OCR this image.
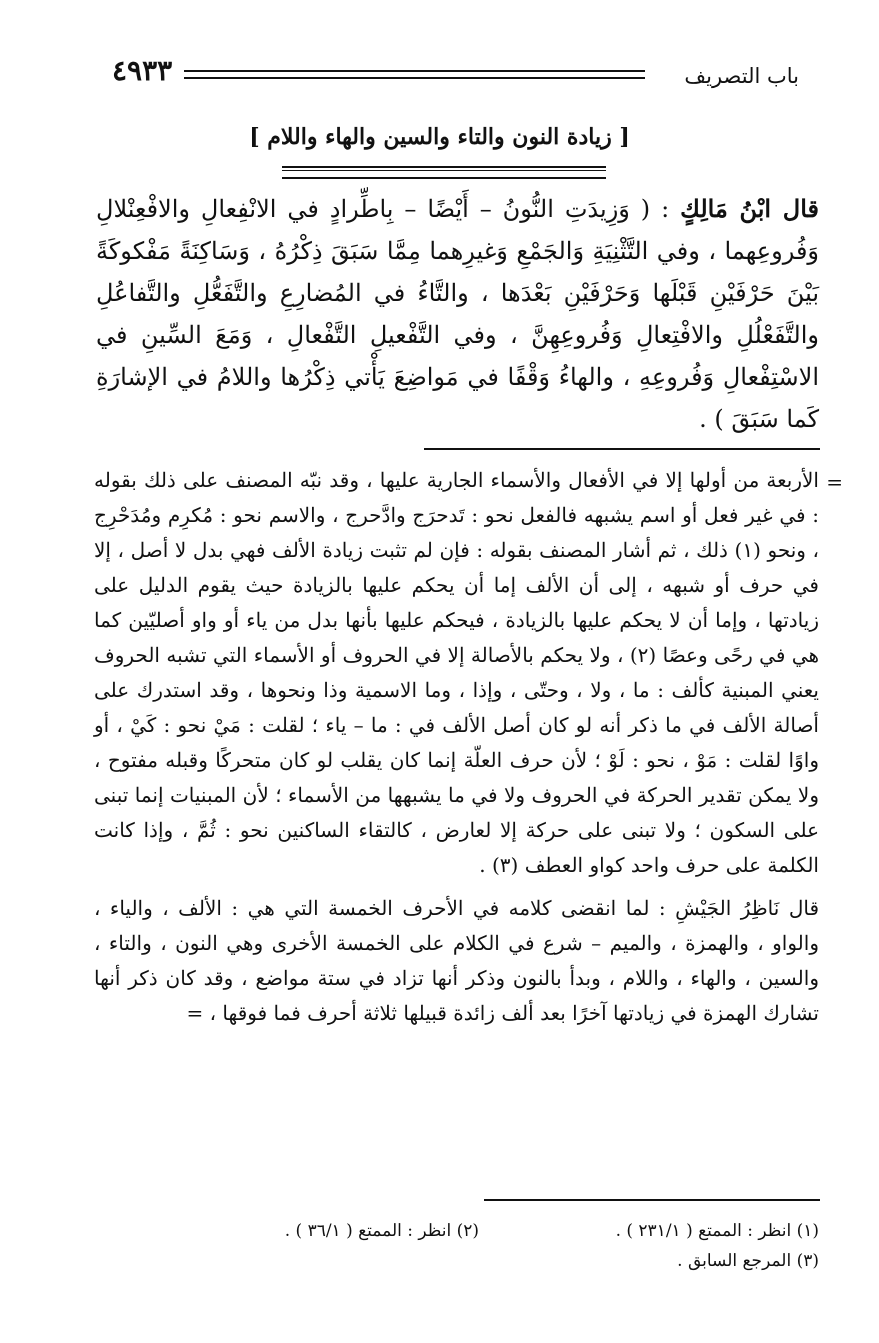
باب التصريف
٤٩٣٣
[ زيادة النون والتاء والسين والهاء واللام ]
قال ابْنُ مَالِكٍ : ( وَزِيدَتِ النُّونُ – أَيْضًا – بِاطِّرادٍ في الانْفِعالِ والافْعِنْلالِ وَفُروعِهما ، وفي التَّثْنِيَةِ وَالجَمْعِ وَغيرِهما مِمَّا سَبَقَ ذِكْرُهُ ، وَسَاكِنَةً مَفْكوكَةً بَيْنَ حَرْفَيْنِ قَبْلَها وَحَرْفَيْنِ بَعْدَها ، والتَّاءُ في المُضارِعِ والتَّفَعُّلِ والتَّفاعُلِ والتَّفَعْلُلِ والافْتِعالِ وَفُروعِهِنَّ ، وفي التَّفْعيلِ التَّفْعالِ ، وَمَعَ السِّينِ في الاسْتِفْعالِ وَفُروعِهِ ، والهاءُ وَقْفًا في مَواضِعَ يَأْتي ذِكْرُها واللامُ في الإشارَةِ كَما سَبَقَ ) .
=

الأربعة من أولها إلا في الأفعال والأسماء الجارية عليها ، وقد نبّه المصنف على ذلك بقوله : في غير فعل أو اسم يشبهه فالفعل نحو : تَدحرَج وادَّحرج ، والاسم نحو : مُكرِم ومُدَحْرِج ، ونحو (١) ذلك ، ثم أشار المصنف بقوله : فإن لم تثبت زيادة الألف فهي بدل لا أصل ، إلا في حرف أو شبهه ، إلى أن الألف إما أن يحكم عليها بالزيادة حيث يقوم الدليل على زيادتها ، وإما أن لا يحكم عليها بالزيادة ، فيحكم عليها بأنها بدل من ياء أو واو أصليّين كما هي في رحًى وعصًا (٢) ، ولا يحكم بالأصالة إلا في الحروف أو الأسماء التي تشبه الحروف يعني المبنية كألف : ما ، ولا ، وحتّى ، وإذا ، وما الاسمية وذا ونحوها ، وقد استدرك على أصالة الألف في ما ذكر أنه لو كان أصل الألف في : ما – ياء ؛ لقلت : مَيْ نحو : كَيْ ، أو واوًا لقلت : مَوْ ، نحو : لَوْ ؛ لأن حرف العلّة إنما كان يقلب لو كان متحركًا وقبله مفتوح ، ولا يمكن تقدير الحركة في الحروف ولا في ما يشبهها من الأسماء ؛ لأن المبنيات إنما تبنى على السكون ؛ ولا تبنى على حركة إلا لعارض ، كالتقاء الساكنين نحو : ثُمَّ ، وإذا كانت الكلمة على حرف واحد كواو العطف (٣) .

قال نَاظِرُ الجَيْشِ : لما انقضى كلامه في الأحرف الخمسة التي هي : الألف ، والياء ، والواو ، والهمزة ، والميم – شرع في الكلام على الخمسة الأخرى وهي النون ، والتاء ، والسين ، والهاء ، واللام ، وبدأ بالنون وذكر أنها تزاد في ستة مواضع ، وقد كان ذكر أنها تشارك الهمزة في زيادتها آخرًا بعد ألف زائدة قبيلها ثلاثة أحرف فما فوقها ، =

(١) انظر : الممتع ( ٢٣١/١ ) .
(٢) انظر : الممتع ( ٣٦/١ ) .
(٣) المرجع السابق .
